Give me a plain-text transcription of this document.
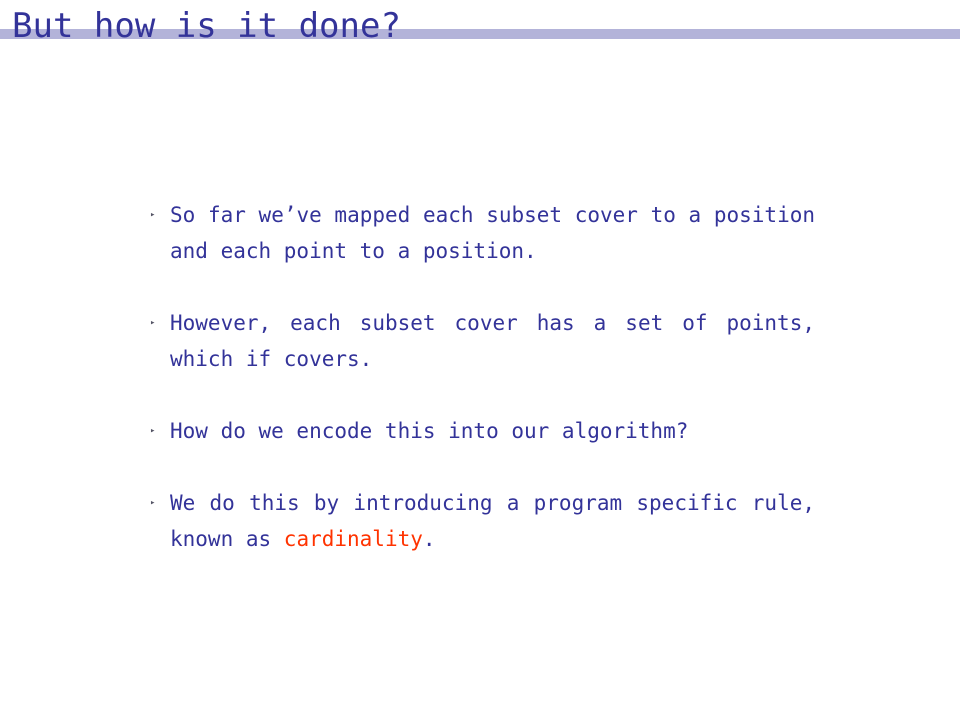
But how is it done?
▸ So far we’ve mapped each subset cover to a position and each point to a position.
▸ However, each subset cover has a set of points, which if covers.
▸ How do we encode this into our algorithm?
▸ We do this by introducing a program specific rule, known as cardinality.
